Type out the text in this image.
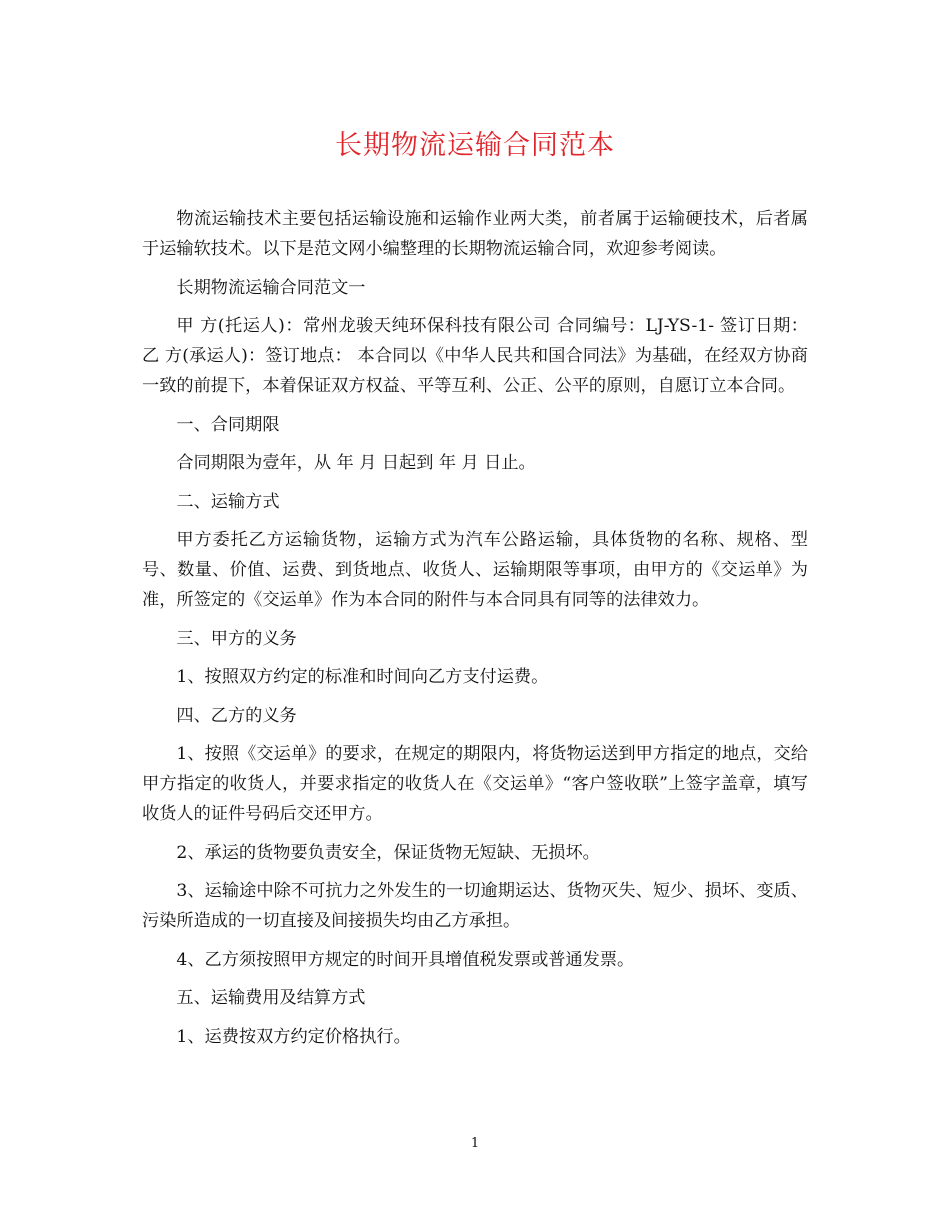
长期物流运输合同范本

物流运输技术主要包括运输设施和运输作业两大类，前者属于运输硬技术，后者属于运输软技术。以下是范文网小编整理的长期物流运输合同，欢迎参考阅读。

长期物流运输合同范文一

甲 方(托运人)：常州龙骏天纯环保科技有限公司 合同编号：LJ-YS-1- 签订日期： 乙 方(承运人)：签订地点： 本合同以《中华人民共和国合同法》为基础，在经双方协商一致的前提下，本着保证双方权益、平等互利、公正、公平的原则，自愿订立本合同。

一、合同期限

合同期限为壹年，从 年 月 日起到 年 月 日止。

二、运输方式

甲方委托乙方运输货物，运输方式为汽车公路运输，具体货物的名称、规格、型号、数量、价值、运费、到货地点、收货人、运输期限等事项，由甲方的《交运单》为准，所签定的《交运单》作为本合同的附件与本合同具有同等的法律效力。

三、甲方的义务

1、按照双方约定的标准和时间向乙方支付运费。

四、乙方的义务

1、按照《交运单》的要求，在规定的期限内，将货物运送到甲方指定的地点，交给甲方指定的收货人，并要求指定的收货人在《交运单》“客户签收联”上签字盖章，填写收货人的证件号码后交还甲方。

2、承运的货物要负责安全，保证货物无短缺、无损坏。

3、运输途中除不可抗力之外发生的一切逾期运达、货物灭失、短少、损坏、变质、污染所造成的一切直接及间接损失均由乙方承担。

4、乙方须按照甲方规定的时间开具增值税发票或普通发票。

五、运输费用及结算方式

1、运费按双方约定价格执行。

1
